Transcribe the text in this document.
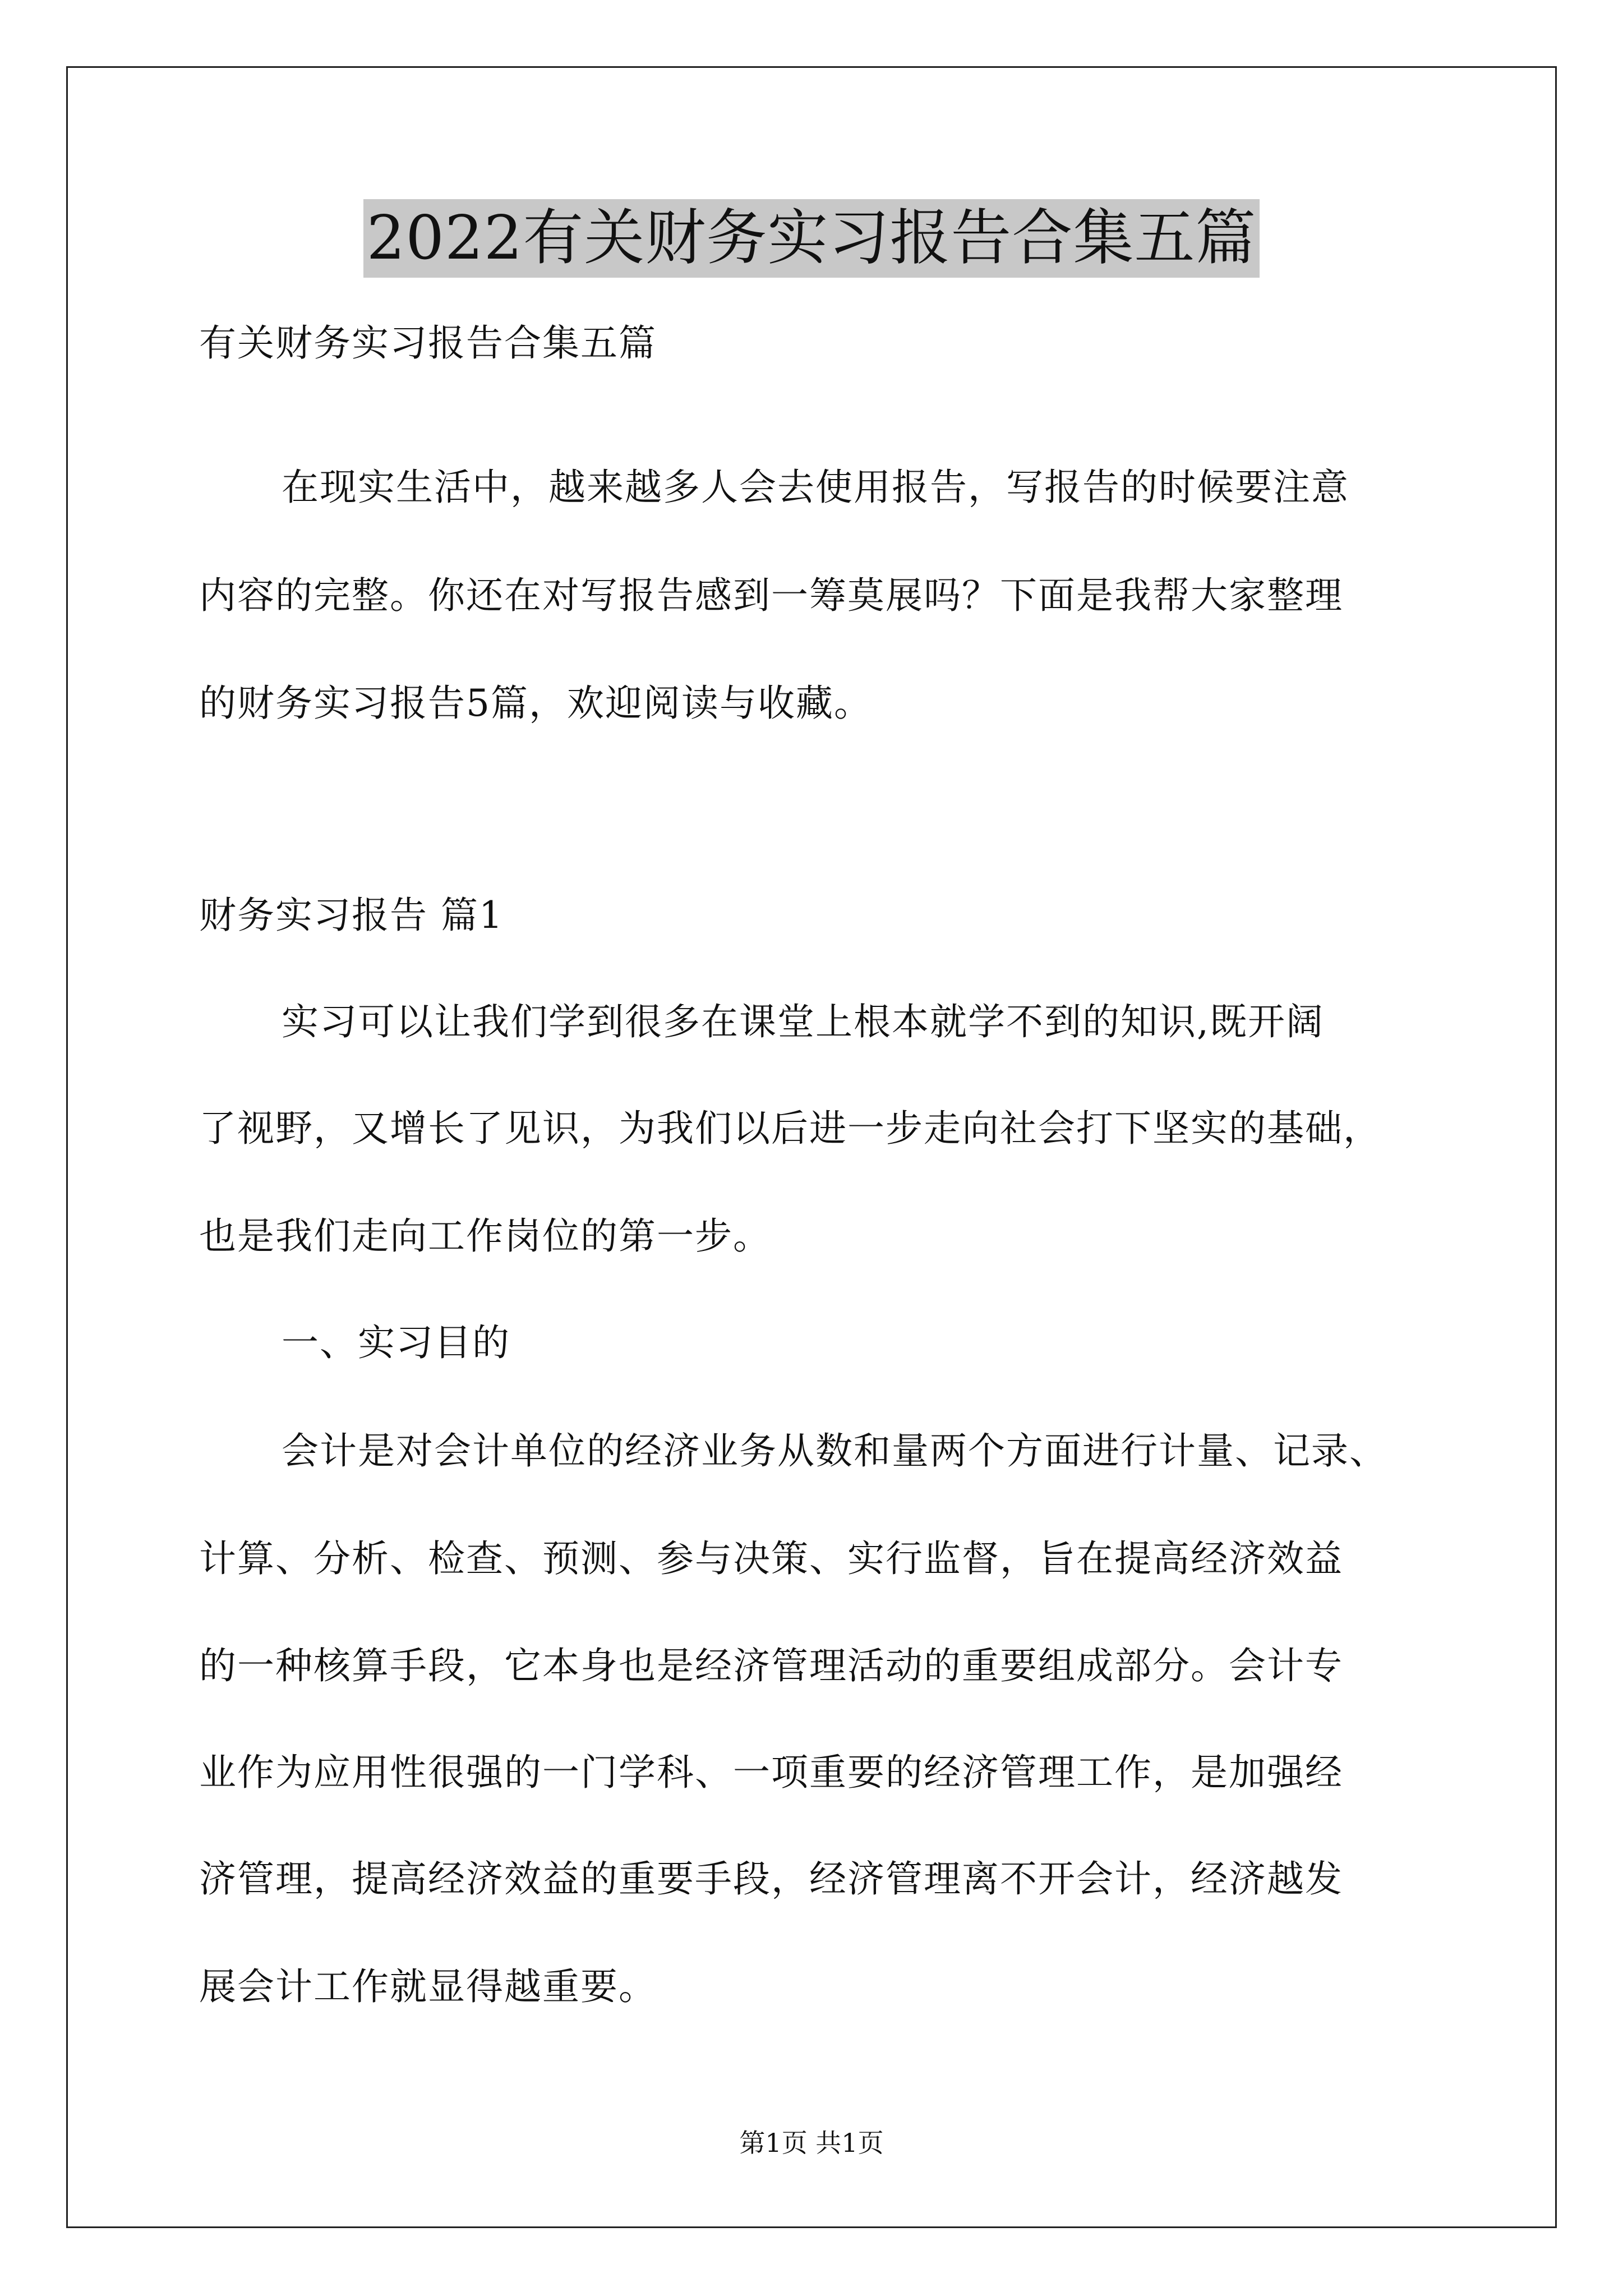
2022有关财务实习报告合集五篇
有关财务实习报告合集五篇
在现实生活中，越来越多人会去使用报告，写报告的时候要注意
内容的完整。你还在对写报告感到一筹莫展吗？下面是我帮大家整理
的财务实习报告5篇，欢迎阅读与收藏。
财务实习报告 篇1
实习可以让我们学到很多在课堂上根本就学不到的知识,既开阔
了视野，又增长了见识，为我们以后进一步走向社会打下坚实的基础，
也是我们走向工作岗位的第一步。
一、实习目的
会计是对会计单位的经济业务从数和量两个方面进行计量、记录、
计算、分析、检查、预测、参与决策、实行监督，旨在提高经济效益
的一种核算手段，它本身也是经济管理活动的重要组成部分。会计专
业作为应用性很强的一门学科、一项重要的经济管理工作，是加强经
济管理，提高经济效益的重要手段，经济管理离不开会计，经济越发
展会计工作就显得越重要。
第1页 共1页
